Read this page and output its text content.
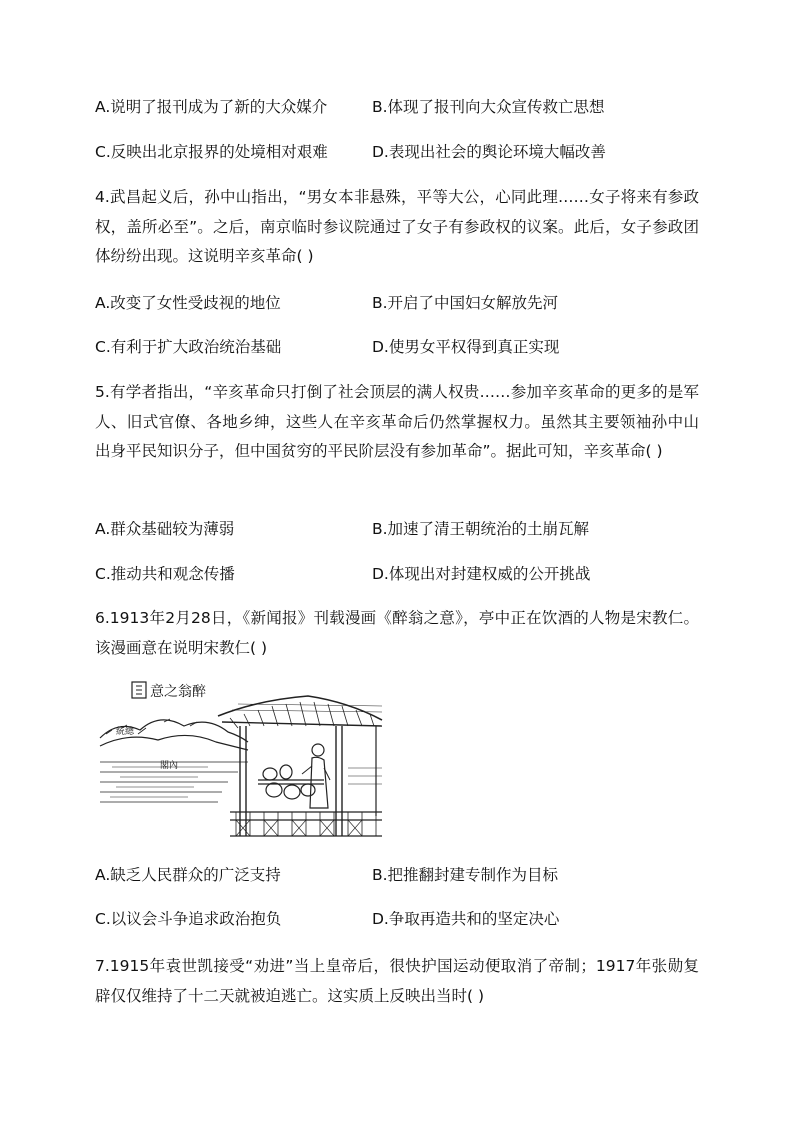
A.说明了报刊成为了新的大众媒介	B.体现了报刊向大众宣传救亡思想
C.反映出北京报界的处境相对艰难	D.表现出社会的舆论环境大幅改善
4.武昌起义后，孙中山指出，“男女本非悬殊，平等大公，心同此理……女子将来有参政权，盖所必至”。之后，南京临时参议院通过了女子有参政权的议案。此后，女子参政团体纷纷出现。这说明辛亥革命( )
A.改变了女性受歧视的地位	B.开启了中国妇女解放先河
C.有利于扩大政治统治基础	D.使男女平权得到真正实现
5.有学者指出，“辛亥革命只打倒了社会顶层的满人权贵……参加辛亥革命的更多的是军人、旧式官僚、各地乡绅，这些人在辛亥革命后仍然掌握权力。虽然其主要领袖孙中山出身平民知识分子，但中国贫穷的平民阶层没有参加革命”。据此可知，辛亥革命( )
A.群众基础较为薄弱	B.加速了清王朝统治的土崩瓦解
C.推动共和观念传播	D.体现出对封建权威的公开挑战
6.1913年2月28日，《新闻报》刊载漫画《醉翁之意》，亭中正在饮酒的人物是宋教仁。该漫画意在说明宋教仁( )
意之翁醉
統總
閣內
A.缺乏人民群众的广泛支持	B.把推翻封建专制作为目标
C.以议会斗争追求政治抱负	D.争取再造共和的坚定决心
7.1915年袁世凯接受“劝进”当上皇帝后，很快护国运动便取消了帝制；1917年张勋复辟仅仅维持了十二天就被迫逃亡。这实质上反映出当时( )
